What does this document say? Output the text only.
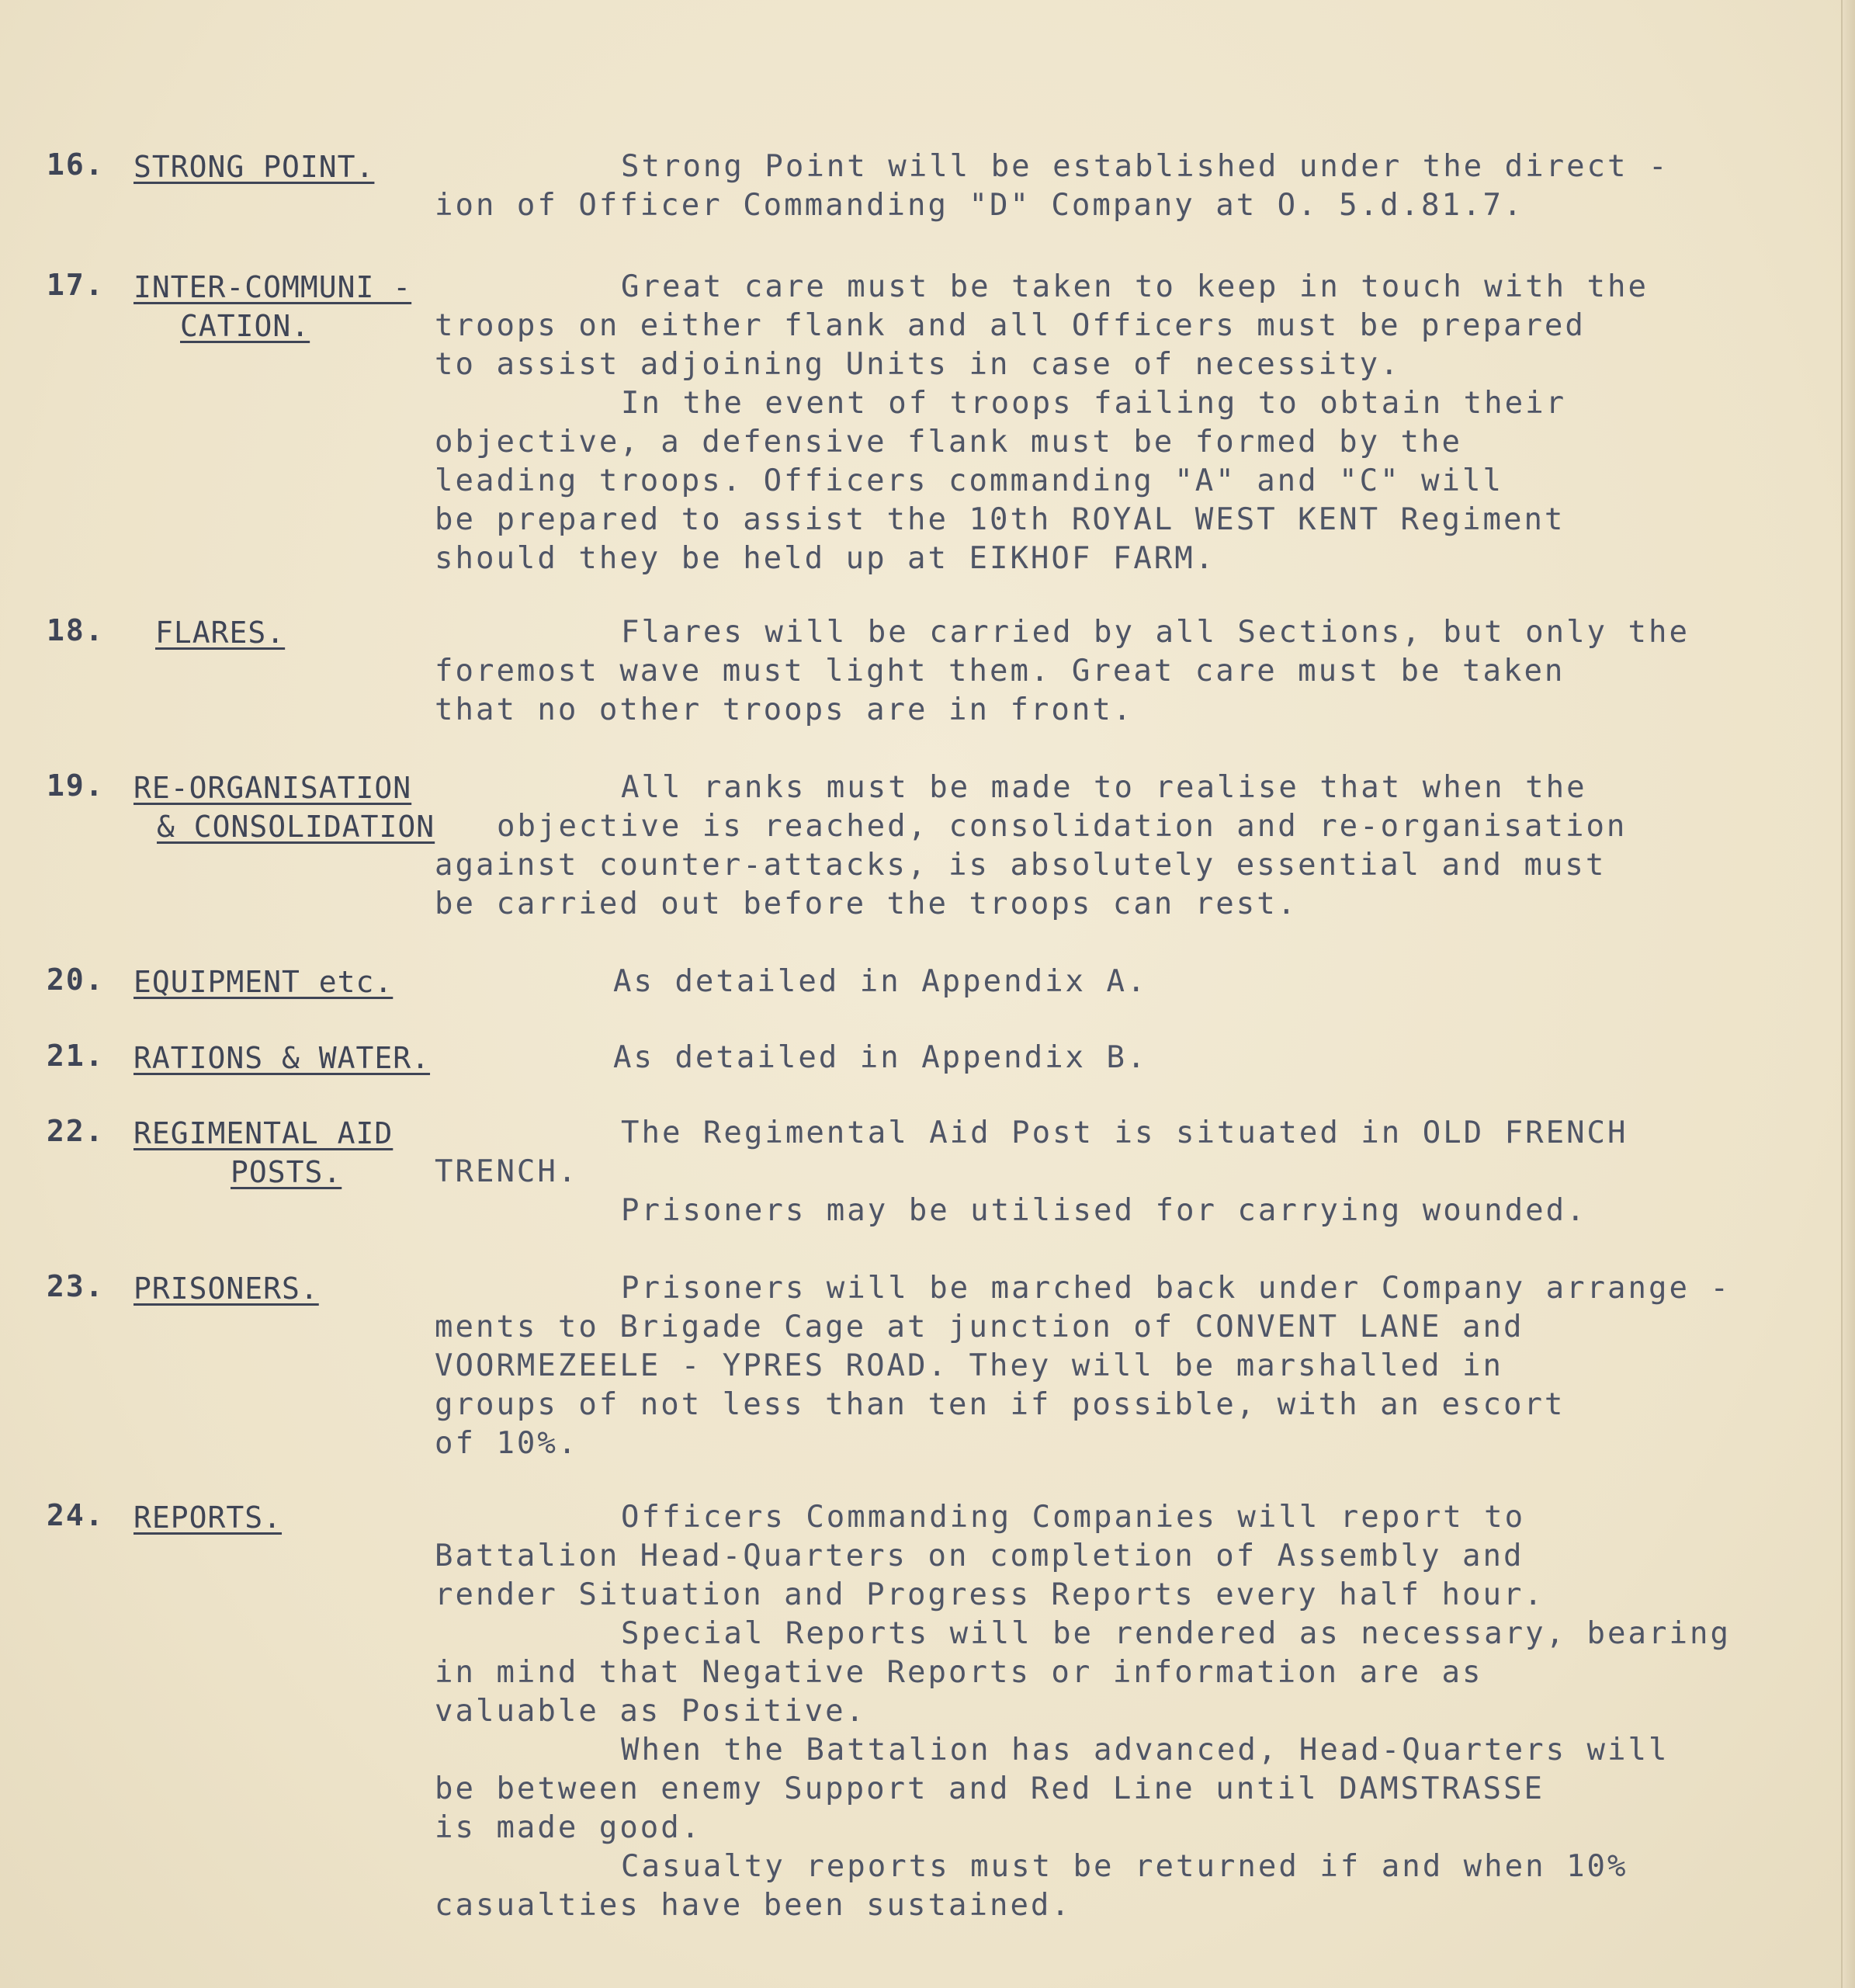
16. STRONG POINT.	Strong Point will be established under the direct -
ion of Officer Commanding "D" Company at O. 5.d.81.7.
17. INTER-COMMUNI -
CATION.
Great care must be taken to keep in touch with the
troops on either flank and all Officers must be prepared
to assist adjoining Units in case of necessity.
In the event of troops failing to obtain their
objective, a defensive flank must be formed by the
leading troops. Officers commanding "A" and "C" will
be prepared to assist the 10th ROYAL WEST KENT Regiment
should they be held up at EIKHOF FARM.
18. FLARES.	Flares will be carried by all Sections, but only the
foremost wave must light them. Great care must be taken
that no other troops are in front.
19. RE-ORGANISATION
& CONSOLIDATION
All ranks must be made to realise that when the
objective is reached, consolidation and re-organisation
against counter-attacks, is absolutely essential and must
be carried out before the troops can rest.
20. EQUIPMENT etc.	As detailed in Appendix A.
21. RATIONS & WATER.	As detailed in Appendix B.
22. REGIMENTAL AID
POSTS.
The Regimental Aid Post is situated in OLD FRENCH
TRENCH.
Prisoners may be utilised for carrying wounded.
23. PRISONERS.	Prisoners will be marched back under Company arrange -
ments to Brigade Cage at junction of CONVENT LANE and
VOORMEZEELE - YPRES ROAD. They will be marshalled in
groups of not less than ten if possible, with an escort
of 10%.
24. REPORTS.	Officers Commanding Companies will report to
Battalion Head-Quarters on completion of Assembly and
render Situation and Progress Reports every half hour.
Special Reports will be rendered as necessary, bearing
in mind that Negative Reports or information are as
valuable as Positive.
When the Battalion has advanced, Head-Quarters will
be between enemy Support and Red Line until DAMSTRASSE
is made good.
Casualty reports must be returned if and when 10%
casualties have been sustained.
